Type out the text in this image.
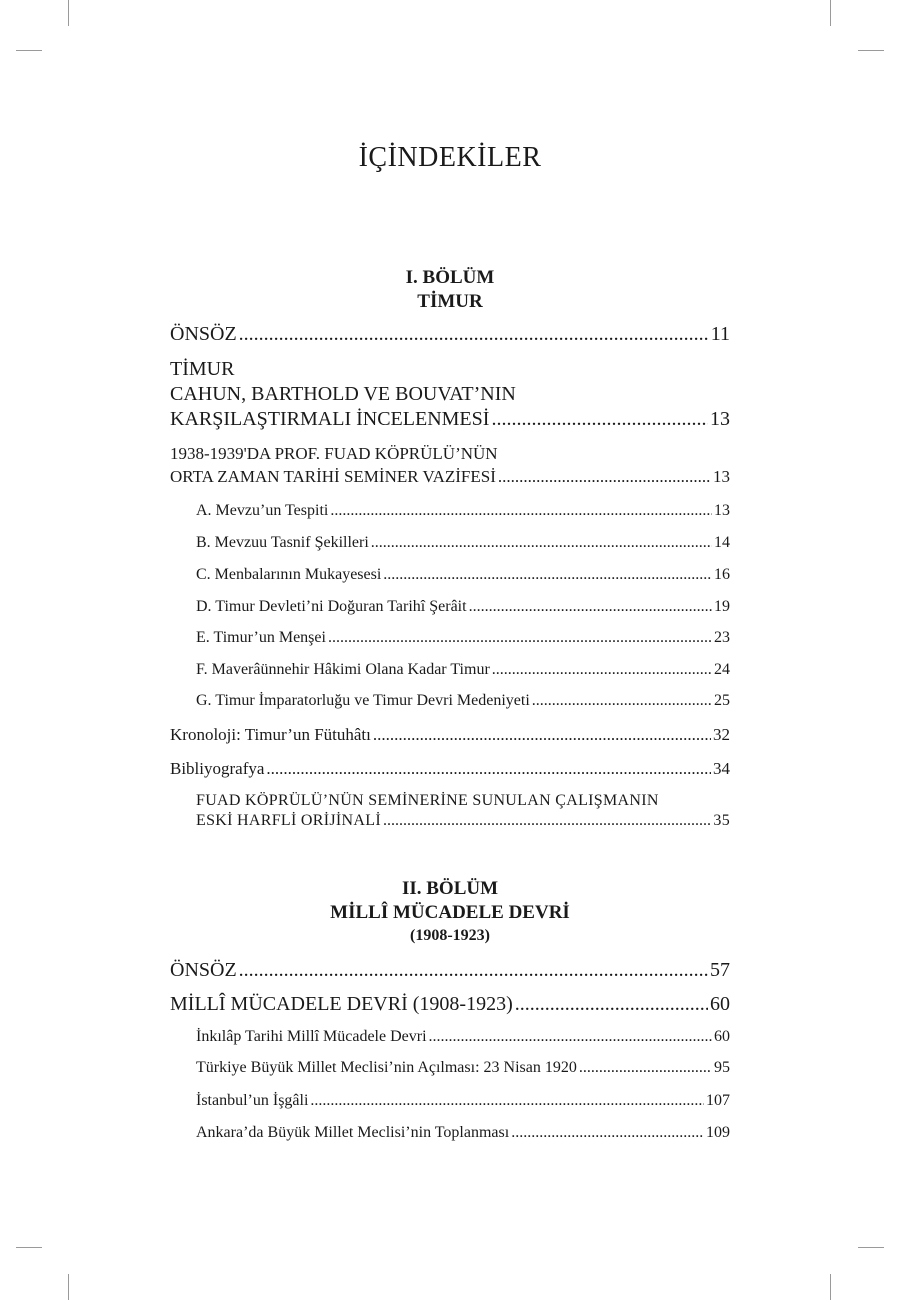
İÇİNDEKİLER
I. BÖLÜM
TİMUR
ÖNSÖZ .....	11
TİMUR
CAHUN, BARTHOLD VE BOUVAT’NIN
KARŞILAŞTIRMALI İNCELENMESİ .....	13
1938-1939'DA PROF. FUAD KÖPRÜLÜ’NÜN
ORTA ZAMAN TARİHİ SEMİNER VAZİFESİ .....	13
A. Mevzu’un Tespiti .....	13
B. Mevzuu Tasnif Şekilleri .....	14
C. Menbalarının Mukayesesi .....	16
D. Timur Devleti’ni Doğuran Tarihî Şerâit .....	19
E. Timur’un Menşei .....	23
F. Maverâünnehir Hâkimi Olana Kadar Timur .....	24
G. Timur İmparatorluğu ve Timur Devri Medeniyeti .....	25
Kronoloji: Timur’un Fütuhâtı .....	32
Bibliyografya .....	34
FUAD KÖPRÜLÜ’NÜN SEMİNERİNE SUNULAN ÇALIŞMANIN
ESKİ HARFLİ ORİJİNALİ .....	35
II. BÖLÜM
MİLLÎ MÜCADELE DEVRİ
(1908-1923)
ÖNSÖZ .....	57
MİLLÎ MÜCADELE DEVRİ (1908-1923) .....	60
İnkılâp Tarihi Millî Mücadele Devri .....	60
Türkiye Büyük Millet Meclisi’nin Açılması: 23 Nisan 1920 .....	95
İstanbul’un İşgâli .....	107
Ankara’da Büyük Millet Meclisi’nin Toplanması .....	109
